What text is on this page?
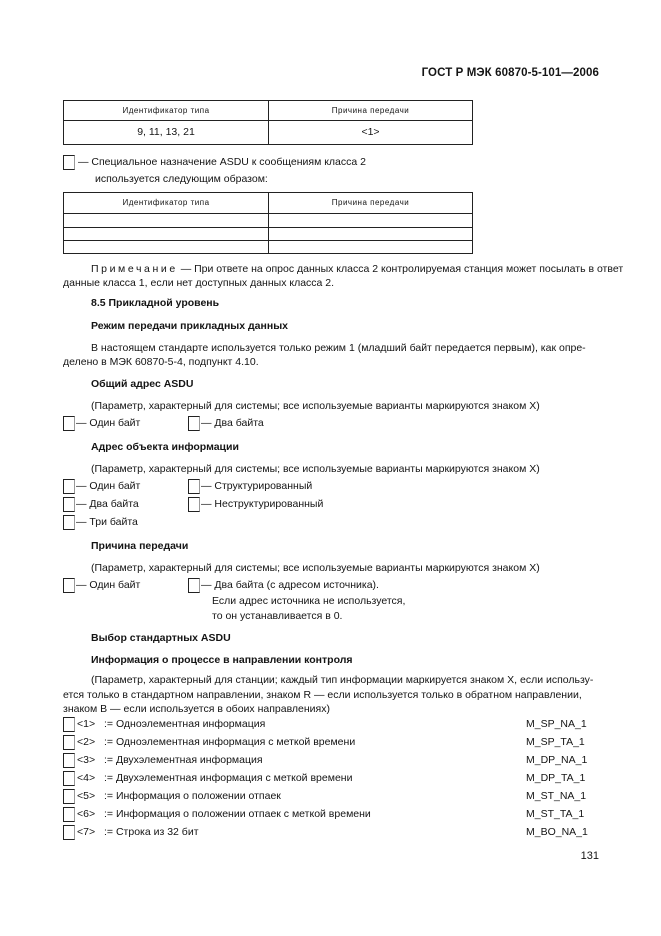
ГОСТ Р МЭК 60870-5-101—2006
Идентификатор типа	Причина передачи
9, 11, 13, 21	<1>
— Специальное назначение ASDU к сообщениям класса 2
используется следующим образом:
Идентификатор типа	Причина передачи

Примечание — При ответе на опрос данных класса 2 контролируемая станция может посылать в ответ
данные класса 1, если нет доступных данных класса 2.
8.5 Прикладной уровень
Режим передачи прикладных данных
В настоящем стандарте используется только режим 1 (младший байт передается первым), как опре-
делено в МЭК 60870-5-4, подпункт 4.10.
Общий адрес ASDU
(Параметр, характерный для системы; все используемые варианты маркируются знаком X)
— Один байт	— Два байта
Адрес объекта информации
(Параметр, характерный для системы; все используемые варианты маркируются знаком X)
— Один байт	— Структурированный
— Два байта	— Неструктурированный
— Три байта
Причина передачи
(Параметр, характерный для системы; все используемые варианты маркируются знаком X)
— Один байт	— Два байта (с адресом источника).
Если адрес источника не используется,
то он устанавливается в 0.
Выбор стандартных ASDU
Информация о процессе в направлении контроля
(Параметр, характерный для станции; каждый тип информации маркируется знаком X, если использу-
ется только в стандартном направлении, знаком R — если используется только в обратном направлении,
знаком B — если используется в обоих направлениях)
<1> := Одноэлементная информация	M_SP_NA_1
<2> := Одноэлементная информация с меткой времени	M_SP_TA_1
<3> := Двухэлементная информация	M_DP_NA_1
<4> := Двухэлементная информация с меткой времени	M_DP_TA_1
<5> := Информация о положении отпаек	M_ST_NA_1
<6> := Информация о положении отпаек с меткой времени	M_ST_TA_1
<7> := Строка из 32 бит	M_BO_NA_1
131
